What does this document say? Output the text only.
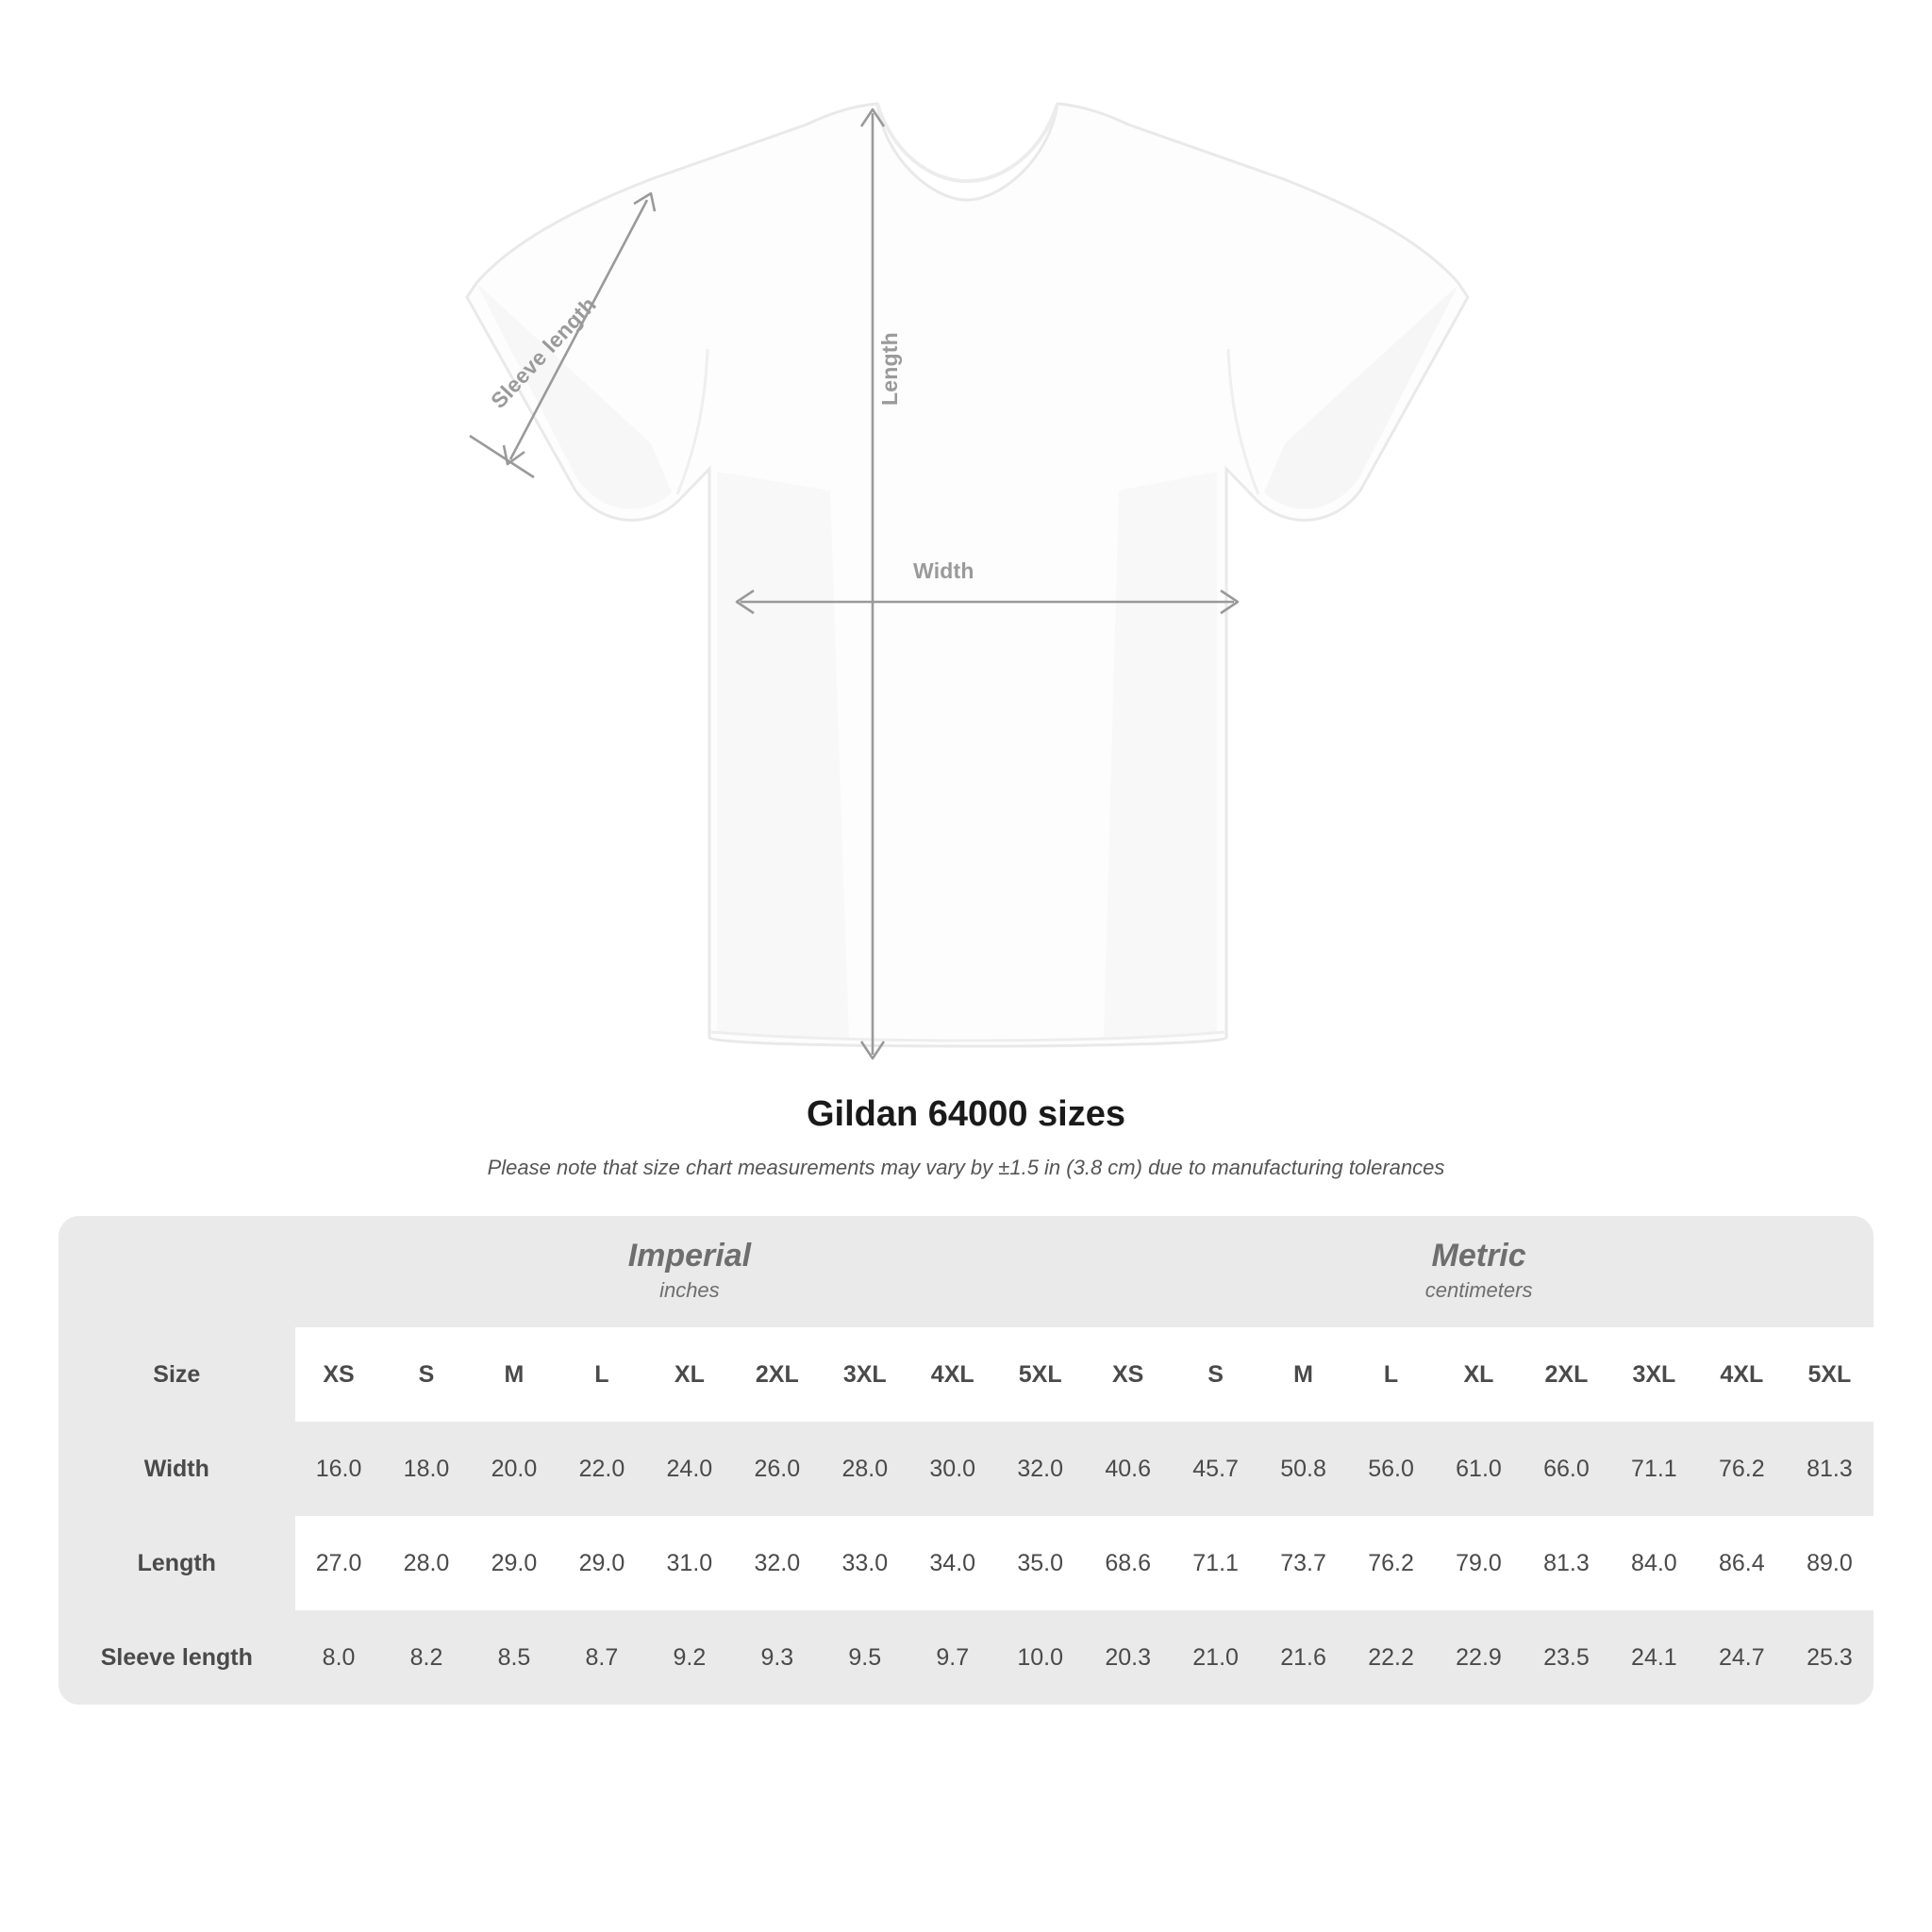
Width
Length
Sleeve length
Gildan 64000 sizes

Please note that size chart measurements may vary by ±1.5 in (3.8 cm) due to manufacturing tolerances

	Imperial
inches									Metric
centimeters								

Size	XS	S	M	L	XL	2XL	3XL	4XL	5XL	XS	S	M	L	XL	2XL	3XL	4XL	5XL
Width	16.0	18.0	20.0	22.0	24.0	26.0	28.0	30.0	32.0	40.6	45.7	50.8	56.0	61.0	66.0	71.1	76.2	81.3
Length	27.0	28.0	29.0	29.0	31.0	32.0	33.0	34.0	35.0	68.6	71.1	73.7	76.2	79.0	81.3	84.0	86.4	89.0
Sleeve length	8.0	8.2	8.5	8.7	9.2	9.3	9.5	9.7	10.0	20.3	21.0	21.6	22.2	22.9	23.5	24.1	24.7	25.3
